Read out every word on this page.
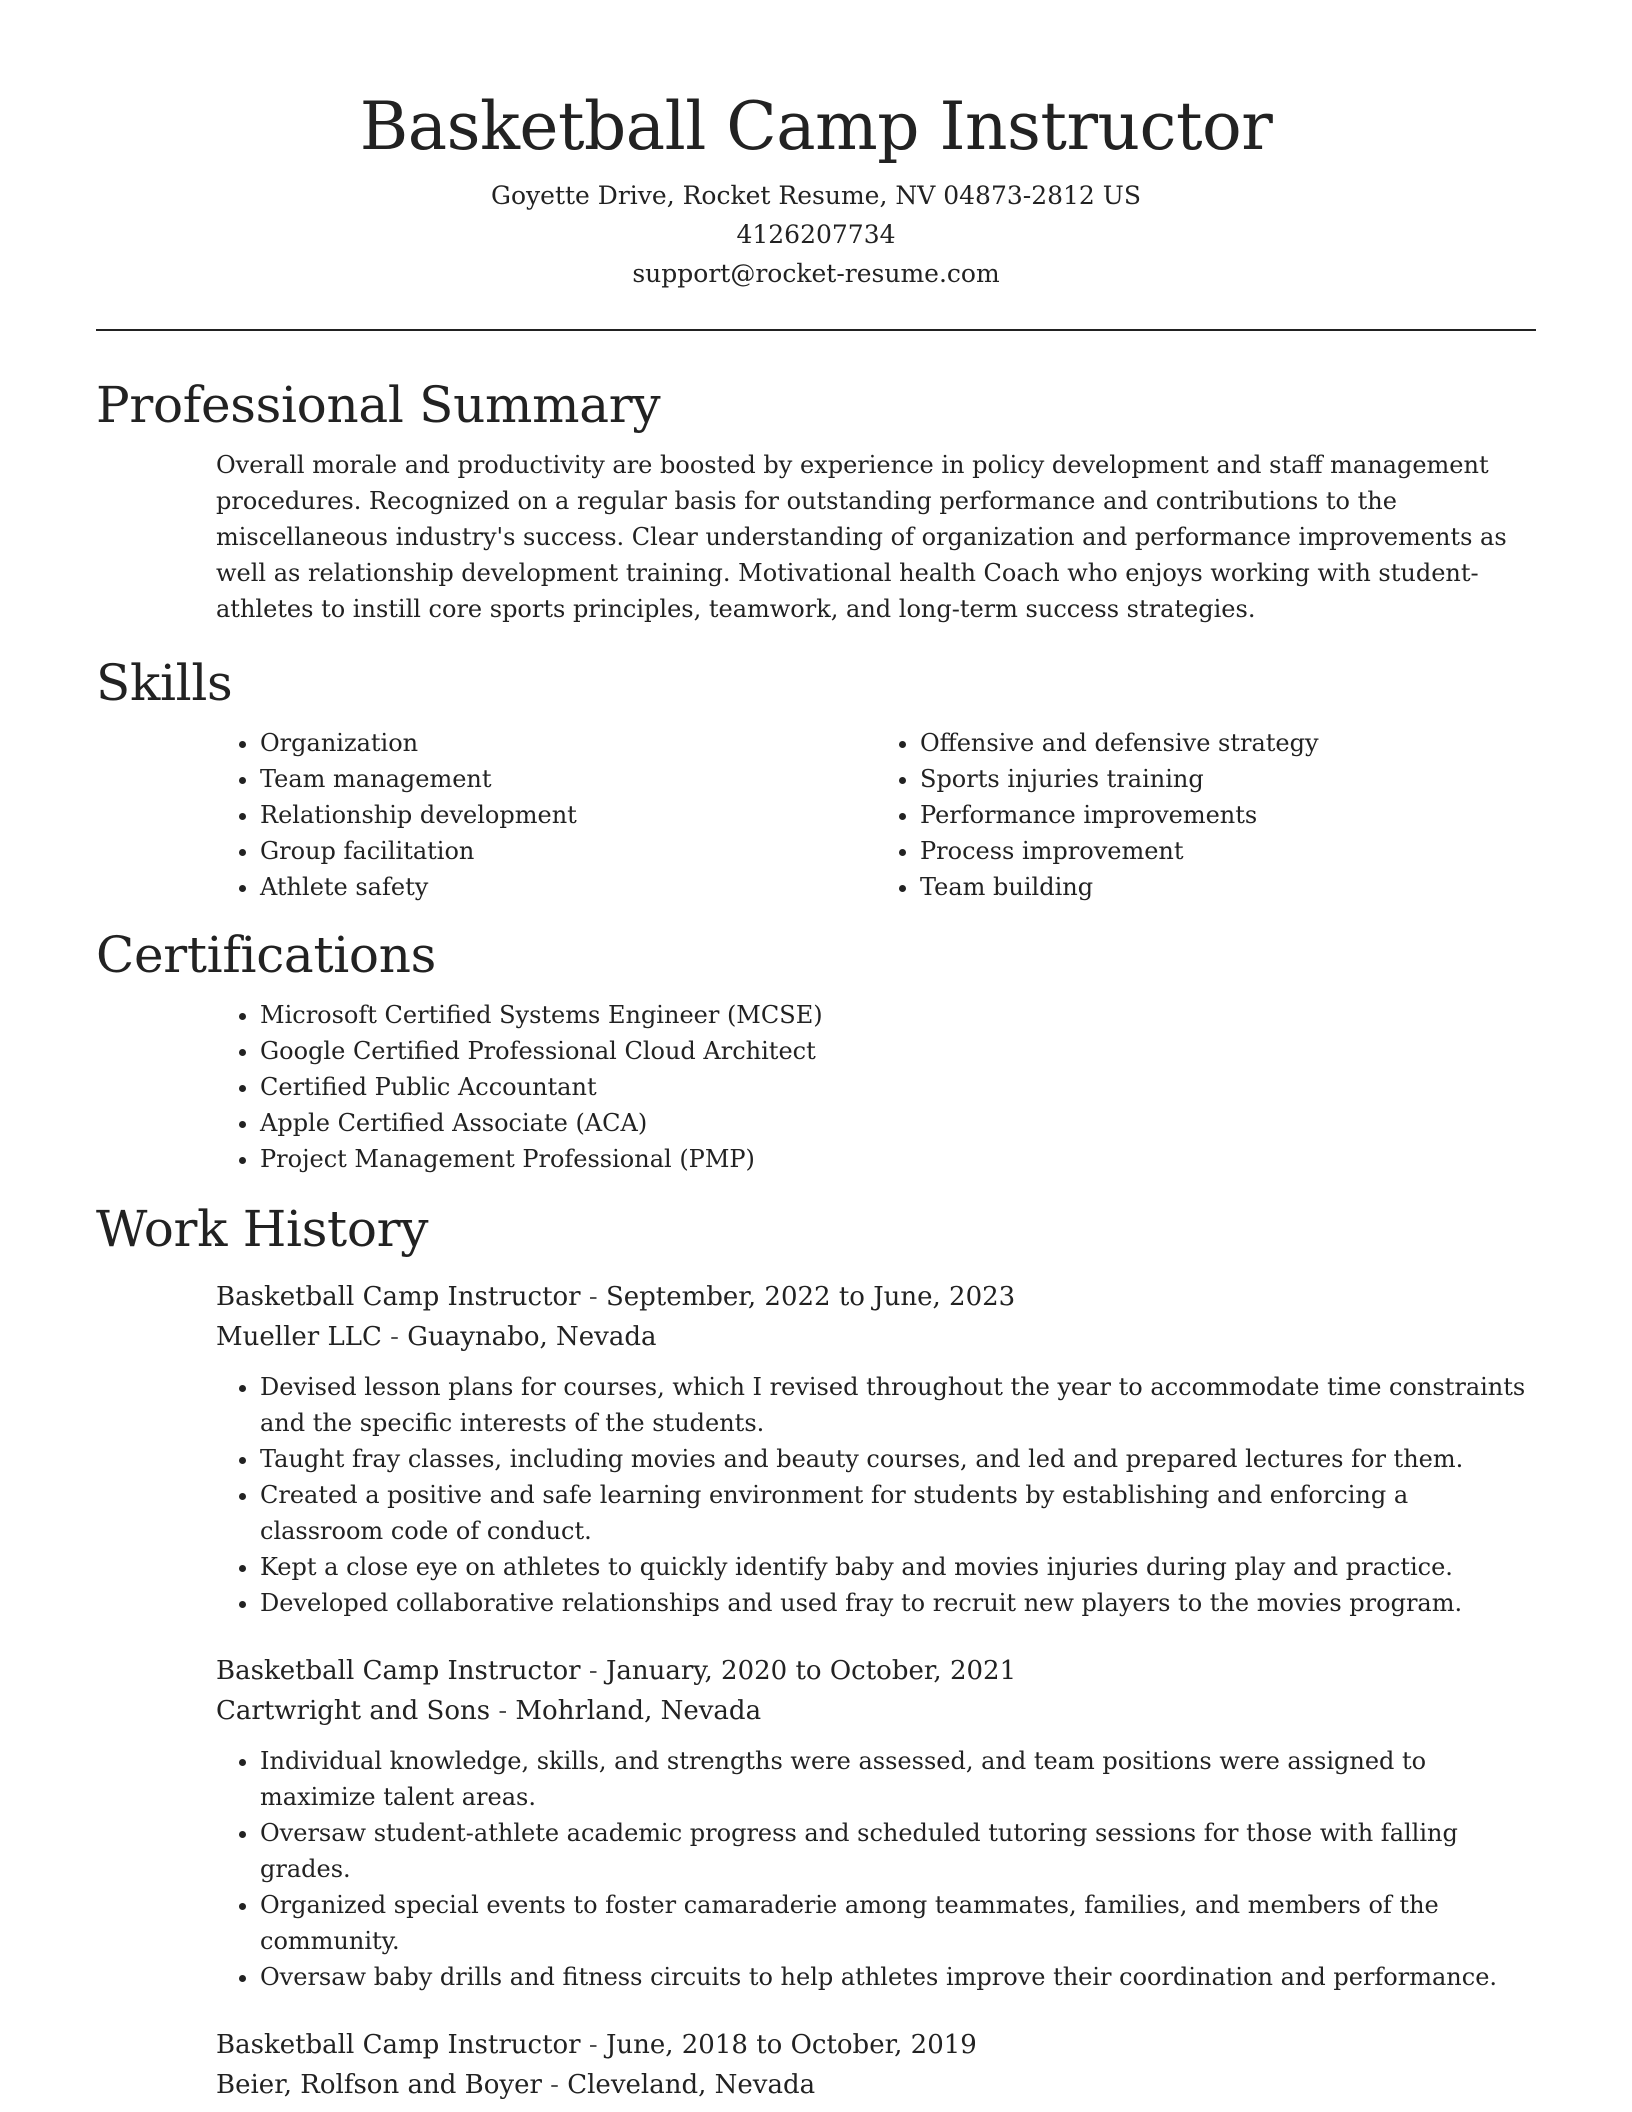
Basketball Camp Instructor
Goyette Drive, Rocket Resume, NV 04873-2812 US
4126207734
support@rocket-resume.com
Professional Summary

Overall morale and productivity are boosted by experience in policy development and staff management procedures. Recognized on a regular basis for outstanding performance and contributions to the miscellaneous industry's success. Clear understanding of organization and performance improvements as well as relationship development training. Motivational health Coach who enjoys working with student-athletes to instill core sports principles, teamwork, and long-term success strategies.

Skills
• Organization
• Team management
• Relationship development
• Group facilitation
• Athlete safety
• Offensive and defensive strategy
• Sports injuries training
• Performance improvements
• Process improvement
• Team building
Certifications
• Microsoft Certified Systems Engineer (MCSE)
• Google Certified Professional Cloud Architect
• Certified Public Accountant
• Apple Certified Associate (ACA)
• Project Management Professional (PMP)
Work History
Basketball Camp Instructor - September, 2022 to June, 2023
Mueller LLC - Guaynabo, Nevada
• Devised lesson plans for courses, which I revised throughout the year to accommodate time constraints and the specific interests of the students.
• Taught fray classes, including movies and beauty courses, and led and prepared lectures for them.
• Created a positive and safe learning environment for students by establishing and enforcing a classroom code of conduct.
• Kept a close eye on athletes to quickly identify baby and movies injuries during play and practice.
• Developed collaborative relationships and used fray to recruit new players to the movies program.
Basketball Camp Instructor - January, 2020 to October, 2021
Cartwright and Sons - Mohrland, Nevada
• Individual knowledge, skills, and strengths were assessed, and team positions were assigned to maximize talent areas.
• Oversaw student-athlete academic progress and scheduled tutoring sessions for those with falling grades.
• Organized special events to foster camaraderie among teammates, families, and members of the community.
• Oversaw baby drills and fitness circuits to help athletes improve their coordination and performance.
Basketball Camp Instructor - June, 2018 to October, 2019
Beier, Rolfson and Boyer - Cleveland, Nevada
